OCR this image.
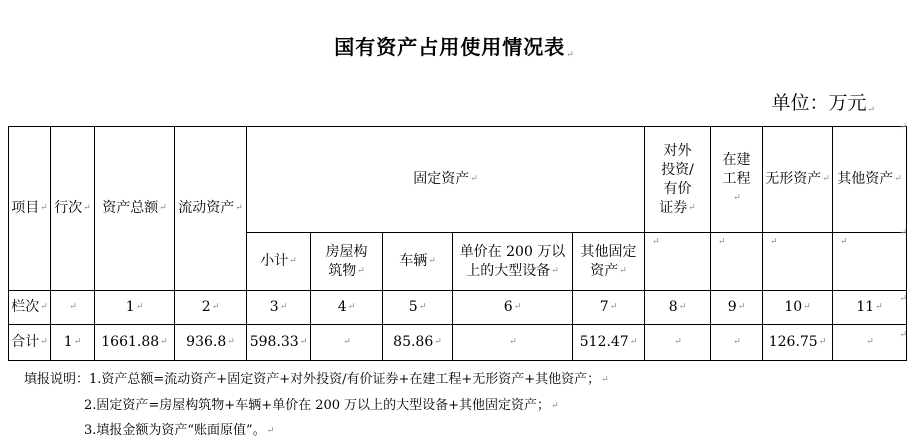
国有资产占用使用情况表↵
单位：万元↵
项目↵	行次↵	资产总额↵	流动资产↵	固定资产↵					对外投资/有价证券↵	在建工程↵	无形资产↵	其他资产↵
				小计↵	房屋构筑物↵	车辆↵	单价在 200 万以上的大型设备↵	其他固定资产↵	↵	↵	↵	↵
栏次↵	↵	1↵	2↵	3↵	4↵	5↵	6↵	7↵	8↵	9↵	10↵	11↵
合计↵	1↵	1661.88↵	936.8↵	598.33↵	↵	85.86↵	↵	512.47↵	↵	↵	126.75↵	↵
↵
↵
↵
↵
填报说明：1.资产总额=流动资产+固定资产+对外投资/有价证券+在建工程+无形资产+其他资产；↵
2.固定资产=房屋构筑物+车辆+单价在 200 万以上的大型设备+其他固定资产；↵
3.填报金额为资产“账面原值”。↵
